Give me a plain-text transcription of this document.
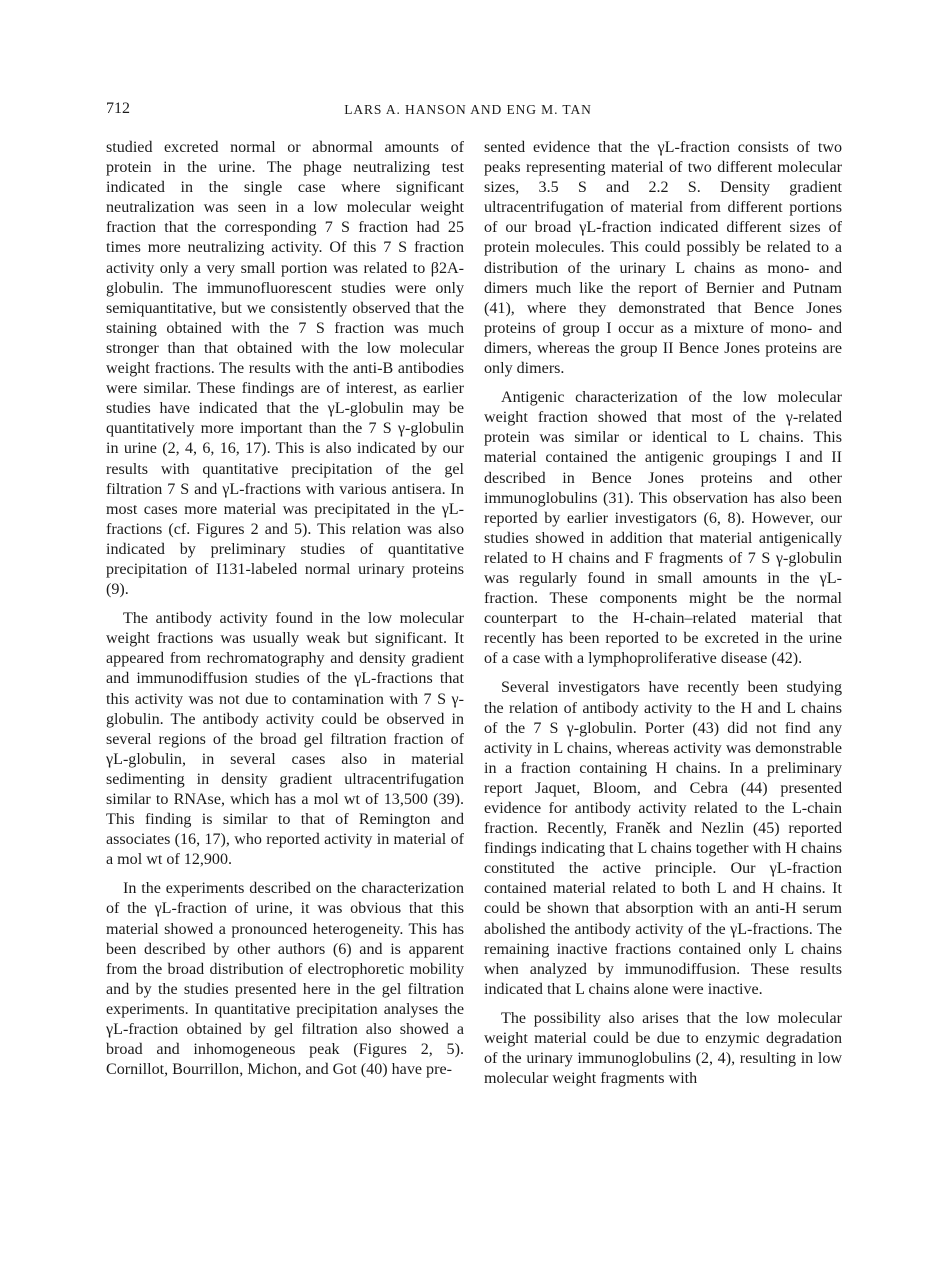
712	LARS A. HANSON AND ENG M. TAN

studied excreted normal or abnormal amounts of protein in the urine. The phage neutralizing test indicated in the single case where significant neutralization was seen in a low molecular weight fraction that the corresponding 7 S fraction had 25 times more neutralizing activity. Of this 7 S fraction activity only a very small portion was related to β2A-globulin. The immunofluorescent studies were only semiquantitative, but we consistently observed that the staining obtained with the 7 S fraction was much stronger than that obtained with the low molecular weight fractions. The results with the anti-B antibodies were similar. These findings are of interest, as earlier studies have indicated that the γL-globulin may be quantitatively more important than the 7 S γ-globulin in urine (2, 4, 6, 16, 17). This is also indicated by our results with quantitative precipitation of the gel filtration 7 S and γL-fractions with various antisera. In most cases more material was precipitated in the γL-fractions (cf. Figures 2 and 5). This relation was also indicated by preliminary studies of quantitative precipitation of I131-labeled normal urinary proteins (9).

The antibody activity found in the low molecular weight fractions was usually weak but significant. It appeared from rechromatography and density gradient and immunodiffusion studies of the γL-fractions that this activity was not due to contamination with 7 S γ-globulin. The antibody activity could be observed in several regions of the broad gel filtration fraction of γL-globulin, in several cases also in material sedimenting in density gradient ultracentrifugation similar to RNAse, which has a mol wt of 13,500 (39). This finding is similar to that of Remington and associates (16, 17), who reported activity in material of a mol wt of 12,900.

In the experiments described on the characterization of the γL-fraction of urine, it was obvious that this material showed a pronounced heterogeneity. This has been described by other authors (6) and is apparent from the broad distribution of electrophoretic mobility and by the studies presented here in the gel filtration experiments. In quantitative precipitation analyses the γL-fraction obtained by gel filtration also showed a broad and inhomogeneous peak (Figures 2, 5). Cornillot, Bourrillon, Michon, and Got (40) have pre-

sented evidence that the γL-fraction consists of two peaks representing material of two different molecular sizes, 3.5 S and 2.2 S. Density gradient ultracentrifugation of material from different portions of our broad γL-fraction indicated different sizes of protein molecules. This could possibly be related to a distribution of the urinary L chains as mono- and dimers much like the report of Bernier and Putnam (41), where they demonstrated that Bence Jones proteins of group I occur as a mixture of mono- and dimers, whereas the group II Bence Jones proteins are only dimers.

Antigenic characterization of the low molecular weight fraction showed that most of the γ-related protein was similar or identical to L chains. This material contained the antigenic groupings I and II described in Bence Jones proteins and other immunoglobulins (31). This observation has also been reported by earlier investigators (6, 8). However, our studies showed in addition that material antigenically related to H chains and F fragments of 7 S γ-globulin was regularly found in small amounts in the γL-fraction. These components might be the normal counterpart to the H-chain–related material that recently has been reported to be excreted in the urine of a case with a lymphoproliferative disease (42).

Several investigators have recently been studying the relation of antibody activity to the H and L chains of the 7 S γ-globulin. Porter (43) did not find any activity in L chains, whereas activity was demonstrable in a fraction containing H chains. In a preliminary report Jaquet, Bloom, and Cebra (44) presented evidence for antibody activity related to the L-chain fraction. Recently, Franěk and Nezlin (45) reported findings indicating that L chains together with H chains constituted the active principle. Our γL-fraction contained material related to both L and H chains. It could be shown that absorption with an anti-H serum abolished the antibody activity of the γL-fractions. The remaining inactive fractions contained only L chains when analyzed by immunodiffusion. These results indicated that L chains alone were inactive.

The possibility also arises that the low molecular weight material could be due to enzymic degradation of the urinary immunoglobulins (2, 4), resulting in low molecular weight fragments with
